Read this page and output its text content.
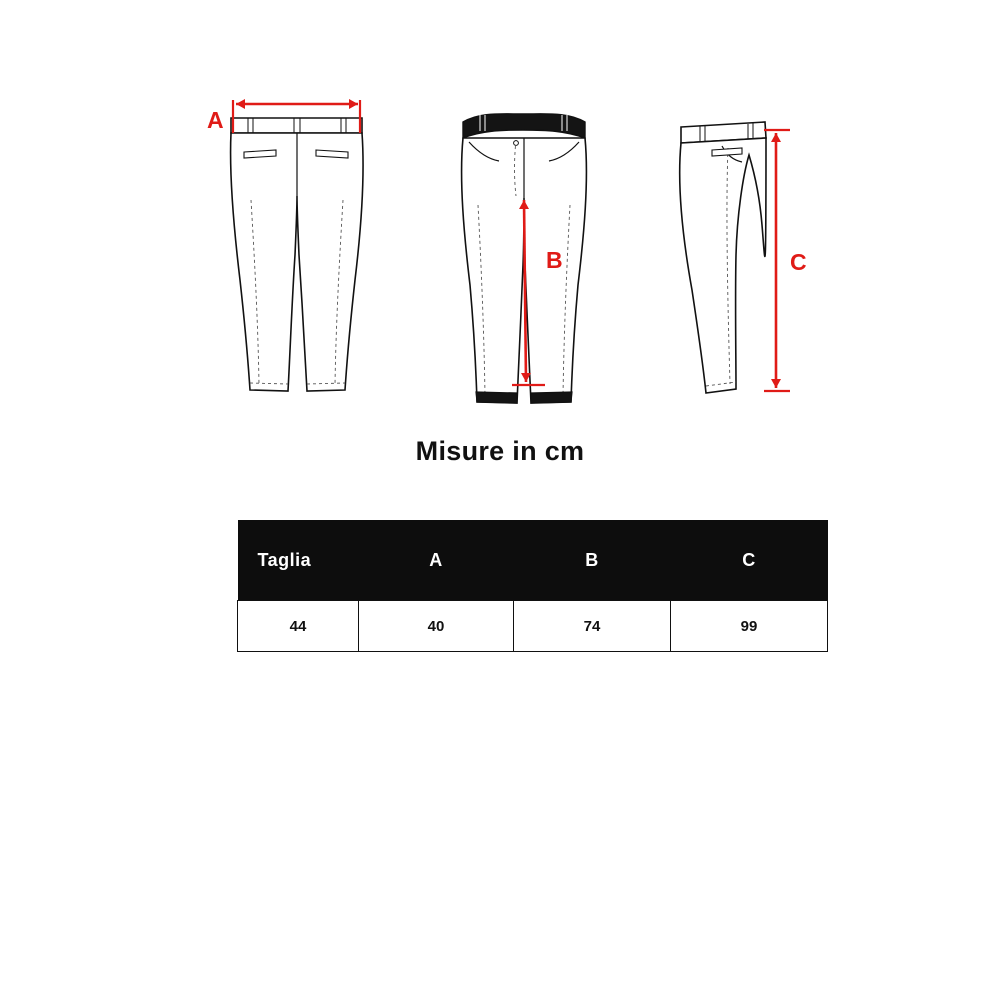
A
B	C
Misure in cm
Taglia	A	B	C
44	40	74	99
